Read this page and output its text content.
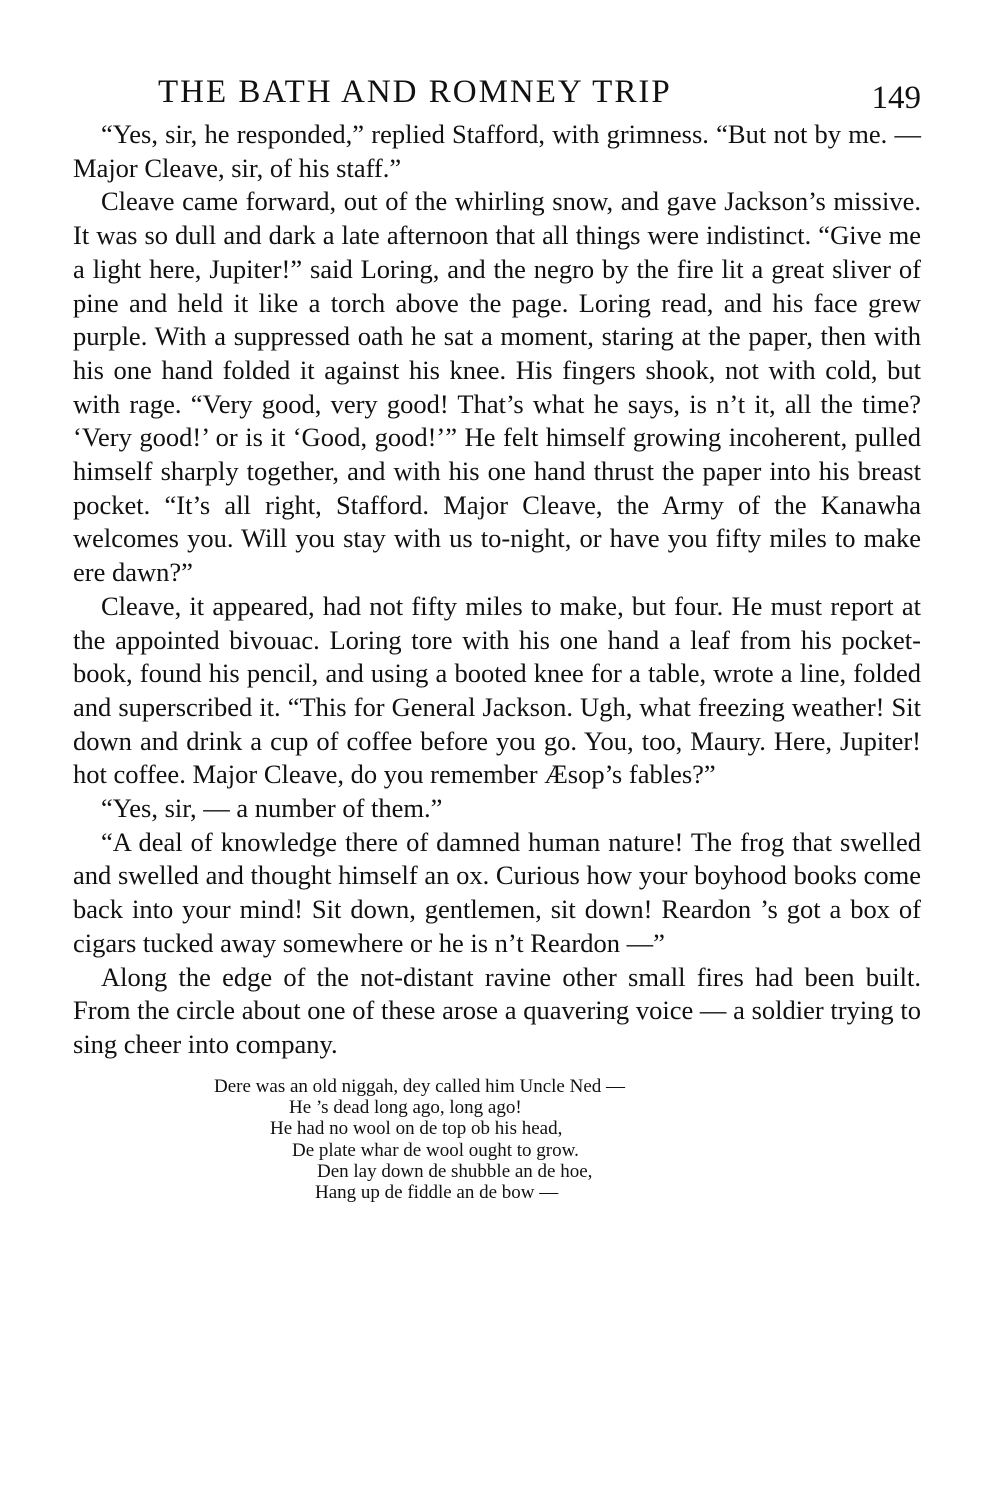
THE BATH AND ROMNEY TRIP	149

“Yes, sir, he responded,” replied Stafford, with grimness. “But not by me. — Major Cleave, sir, of his staff.”

Cleave came forward, out of the whirling snow, and gave Jackson’s missive. It was so dull and dark a late afternoon that all things were indistinct. “Give me a light here, Jupiter!” said Loring, and the negro by the fire lit a great sliver of pine and held it like a torch above the page. Loring read, and his face grew purple. With a suppressed oath he sat a moment, staring at the paper, then with his one hand folded it against his knee. His fingers shook, not with cold, but with rage. “Very good, very good! That’s what he says, is n’t it, all the time? ‘Very good!’ or is it ‘Good, good!’” He felt himself growing incoherent, pulled himself sharply together, and with his one hand thrust the paper into his breast pocket. “It’s all right, Stafford. Major Cleave, the Army of the Kanawha welcomes you. Will you stay with us to-night, or have you fifty miles to make ere dawn?”

Cleave, it appeared, had not fifty miles to make, but four. He must report at the appointed bivouac. Loring tore with his one hand a leaf from his pocket-book, found his pencil, and using a booted knee for a table, wrote a line, folded and superscribed it. “This for General Jackson. Ugh, what freezing weather! Sit down and drink a cup of coffee before you go. You, too, Maury. Here, Jupiter! hot coffee. Major Cleave, do you remember Æsop’s fables?”

“Yes, sir, — a number of them.”

“A deal of knowledge there of damned human nature! The frog that swelled and swelled and thought himself an ox. Curious how your boyhood books come back into your mind! Sit down, gentlemen, sit down! Reardon ’s got a box of cigars tucked away somewhere or he is n’t Reardon —”

Along the edge of the not-distant ravine other small fires had been built. From the circle about one of these arose a quavering voice — a soldier trying to sing cheer into company.

Dere was an old niggah, dey called him Uncle Ned —
He ’s dead long ago, long ago!
He had no wool on de top ob his head,
De plate whar de wool ought to grow.
Den lay down de shubble an de hoe,
Hang up de fiddle an de bow —
